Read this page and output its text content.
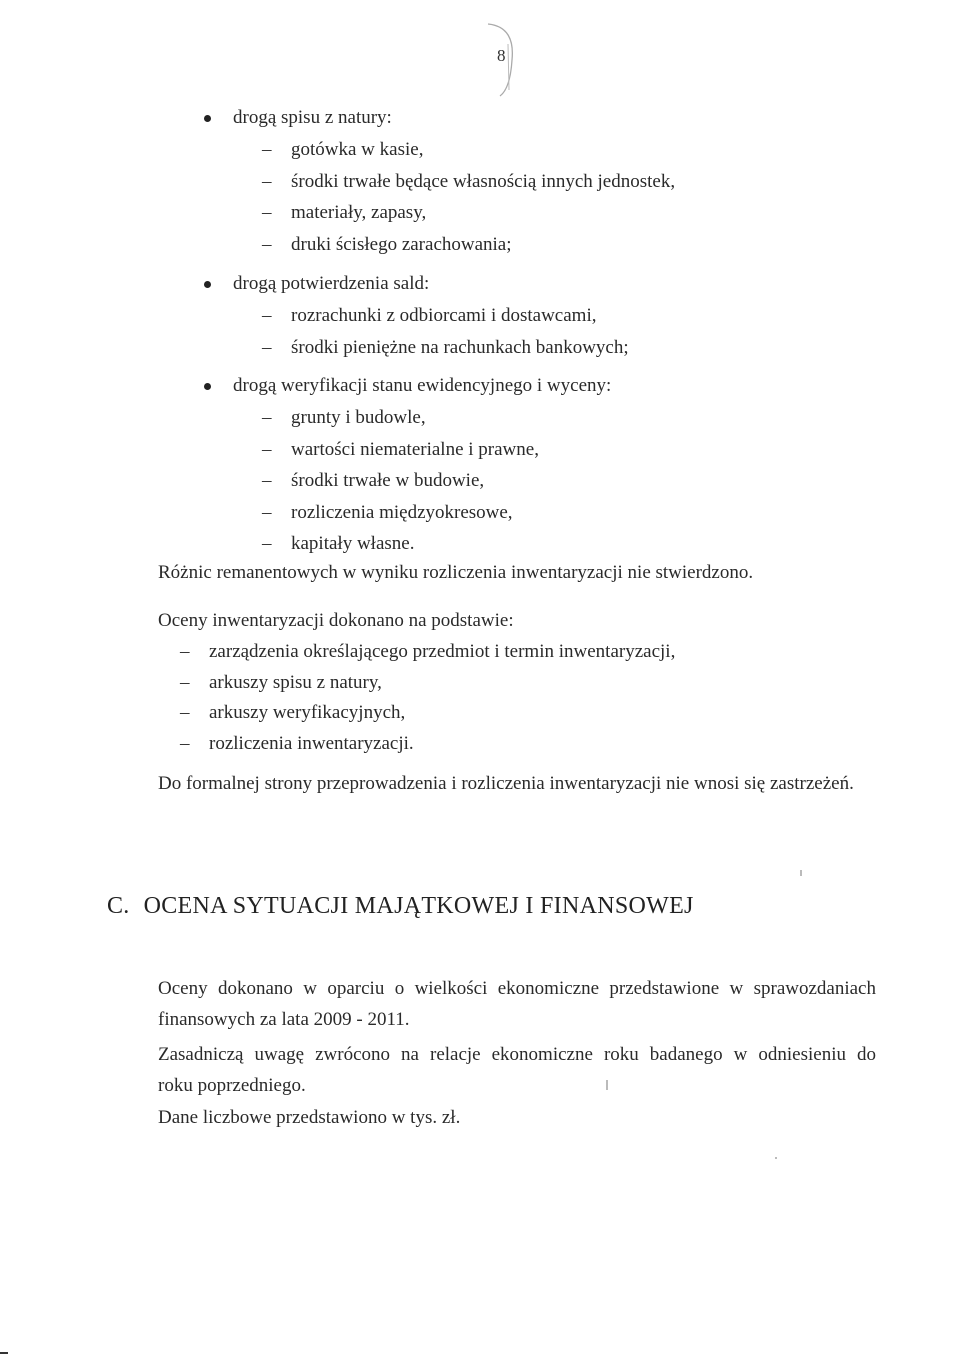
8
drogą spisu z natury:
– gotówka w kasie,
– środki trwałe będące własnością innych jednostek,
– materiały, zapasy,
– druki ścisłego zarachowania;
drogą potwierdzenia sald:
– rozrachunki z odbiorcami i dostawcami,
– środki pieniężne na rachunkach bankowych;
drogą weryfikacji stanu ewidencyjnego i wyceny:
– grunty i budowle,
– wartości niematerialne i prawne,
– środki trwałe w budowie,
– rozliczenia międzyokresowe,
– kapitały własne.
Różnic remanentowych w wyniku rozliczenia inwentaryzacji nie stwierdzono.
Oceny inwentaryzacji dokonano na podstawie:
– zarządzenia określającego przedmiot i termin inwentaryzacji,
– arkuszy spisu z natury,
– arkuszy weryfikacyjnych,
– rozliczenia inwentaryzacji.
Do formalnej strony przeprowadzenia i rozliczenia inwentaryzacji nie wnosi się zastrzeżeń.
C. OCENA SYTUACJI MAJĄTKOWEJ I FINANSOWEJ
Oceny dokonano w oparciu o wielkości ekonomiczne przedstawione w sprawozdaniach
finansowych za lata 2009 - 2011.
Zasadniczą uwagę zwrócono na relacje ekonomiczne roku badanego w odniesieniu do
roku poprzedniego.
Dane liczbowe przedstawiono w tys. zł.
